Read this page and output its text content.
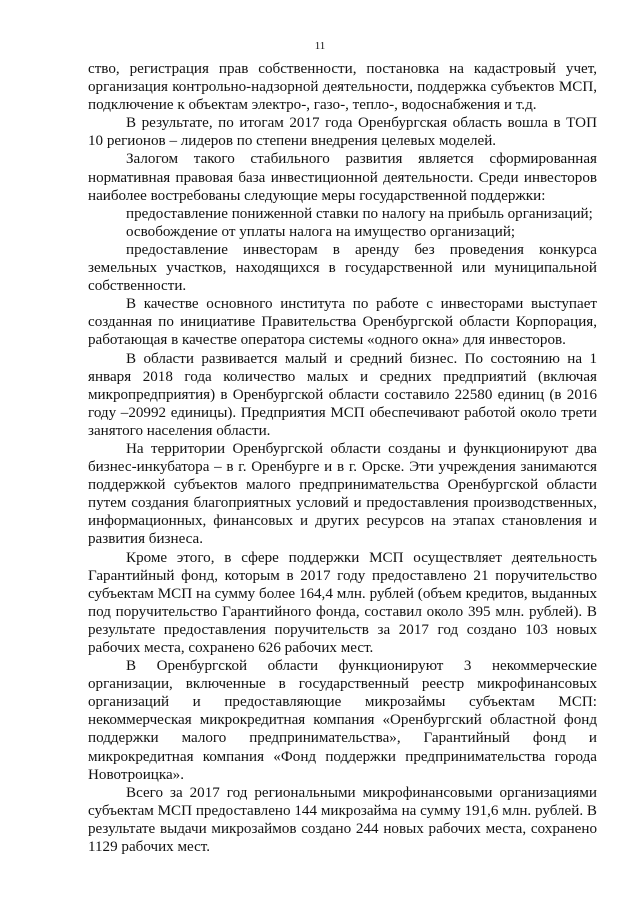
11

ство, регистрация прав собственности, постановка на кадастровый учет, организация контрольно-надзорной деятельности, поддержка субъектов МСП, подключение к объектам электро-, газо-, тепло-, водоснабжения и т.д.

В результате, по итогам 2017 года Оренбургская область вошла в ТОП 10 регионов – лидеров по степени внедрения целевых моделей.

Залогом такого стабильного развития является сформированная нормативная правовая база инвестиционной деятельности. Среди инвесторов наиболее востребованы следующие меры государственной поддержки:

предоставление пониженной ставки по налогу на прибыль организаций;

освобождение от уплаты налога на имущество организаций;

предоставление инвесторам в аренду без проведения конкурса земельных участков, находящихся в государственной или муниципальной собственности.

В качестве основного института по работе с инвесторами выступает созданная по инициативе Правительства Оренбургской области Корпорация, работающая в качестве оператора системы «одного окна» для инвесторов.

В области развивается малый и средний бизнес. По состоянию на 1 января 2018 года количество малых и средних предприятий (включая микропредприятия) в Оренбургской области составило 22580 единиц (в 2016 году –20992 единицы). Предприятия МСП обеспечивают работой около трети занятого населения области.

На территории Оренбургской области созданы и функционируют два бизнес-инкубатора – в г. Оренбурге и в г. Орске. Эти учреждения занимаются поддержкой субъектов малого предпринимательства Оренбургской области путем создания благоприятных условий и предоставления производственных, информационных, финансовых и других ресурсов на этапах становления и развития бизнеса.

Кроме этого, в сфере поддержки МСП осуществляет деятельность Гарантийный фонд, которым в 2017 году предоставлено 21 поручительство субъектам МСП на сумму более 164,4 млн. рублей (объем кредитов, выданных под поручительство Гарантийного фонда, составил около 395 млн. рублей). В результате предоставления поручительств за 2017 год создано 103 новых рабочих места, сохранено 626 рабочих мест.

В Оренбургской области функционируют 3 некоммерческие организации, включенные в государственный реестр микрофинансовых организаций и предоставляющие микрозаймы субъектам МСП: некоммерческая микрокредитная компания «Оренбургский областной фонд поддержки малого предпринимательства», Гарантийный фонд и микрокредитная компания «Фонд поддержки предпринимательства города Новотроицка».

Всего за 2017 год региональными микрофинансовыми организациями субъектам МСП предоставлено 144 микрозайма на сумму 191,6 млн. рублей. В результате выдачи микрозаймов создано 244 новых рабочих места, сохранено 1129 рабочих мест.
